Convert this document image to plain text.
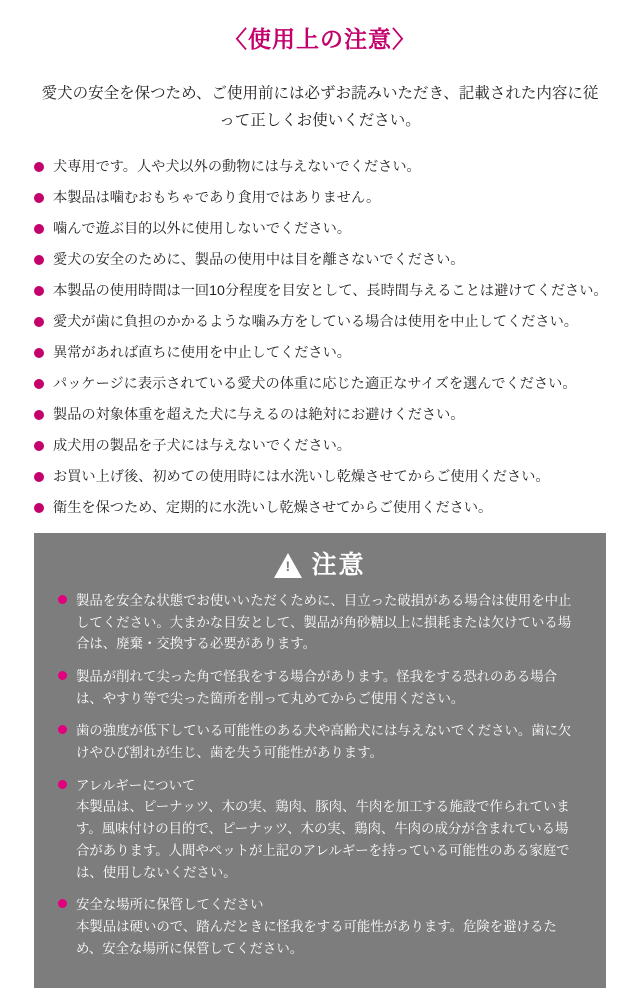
〈使用上の注意〉

愛犬の安全を保つため、ご使用前には必ずお読みいただき、記載された内容に従って正しくお使いください。

犬専用です。人や犬以外の動物には与えないでください。
本製品は噛むおもちゃであり食用ではありません。
噛んで遊ぶ目的以外に使用しないでください。
愛犬の安全のために、製品の使用中は目を離さないでください。
本製品の使用時間は一回10分程度を目安として、長時間与えることは避けてください。
愛犬が歯に負担のかかるような噛み方をしている場合は使用を中止してください。
異常があれば直ちに使用を中止してください。
パッケージに表示されている愛犬の体重に応じた適正なサイズを選んでください。
製品の対象体重を超えた犬に与えるのは絶対にお避けください。
成犬用の製品を子犬には与えないでください。
お買い上げ後、初めての使用時には水洗いし乾燥させてからご使用ください。
衛生を保つため、定期的に水洗いし乾燥させてからご使用ください。
!
注意
製品を安全な状態でお使いいただくために、目立った破損がある場合は使用を中止してください。大まかな目安として、製品が角砂糖以上に損耗または欠けている場合は、廃棄・交換する必要があります。
製品が削れて尖った角で怪我をする場合があります。怪我をする恐れのある場合は、やすり等で尖った箇所を削って丸めてからご使用ください。
歯の強度が低下している可能性のある犬や高齢犬には与えないでください。歯に欠けやひび割れが生じ、歯を失う可能性があります。
アレルギーについて
本製品は、ピーナッツ、木の実、鶏肉、豚肉、牛肉を加工する施設で作られています。風味付けの目的で、ピーナッツ、木の実、鶏肉、牛肉の成分が含まれている場合があります。人間やペットが上記のアレルギーを持っている可能性のある家庭では、使用しないください。
安全な場所に保管してください
本製品は硬いので、踏んだときに怪我をする可能性があります。危険を避けるため、安全な場所に保管してください。
